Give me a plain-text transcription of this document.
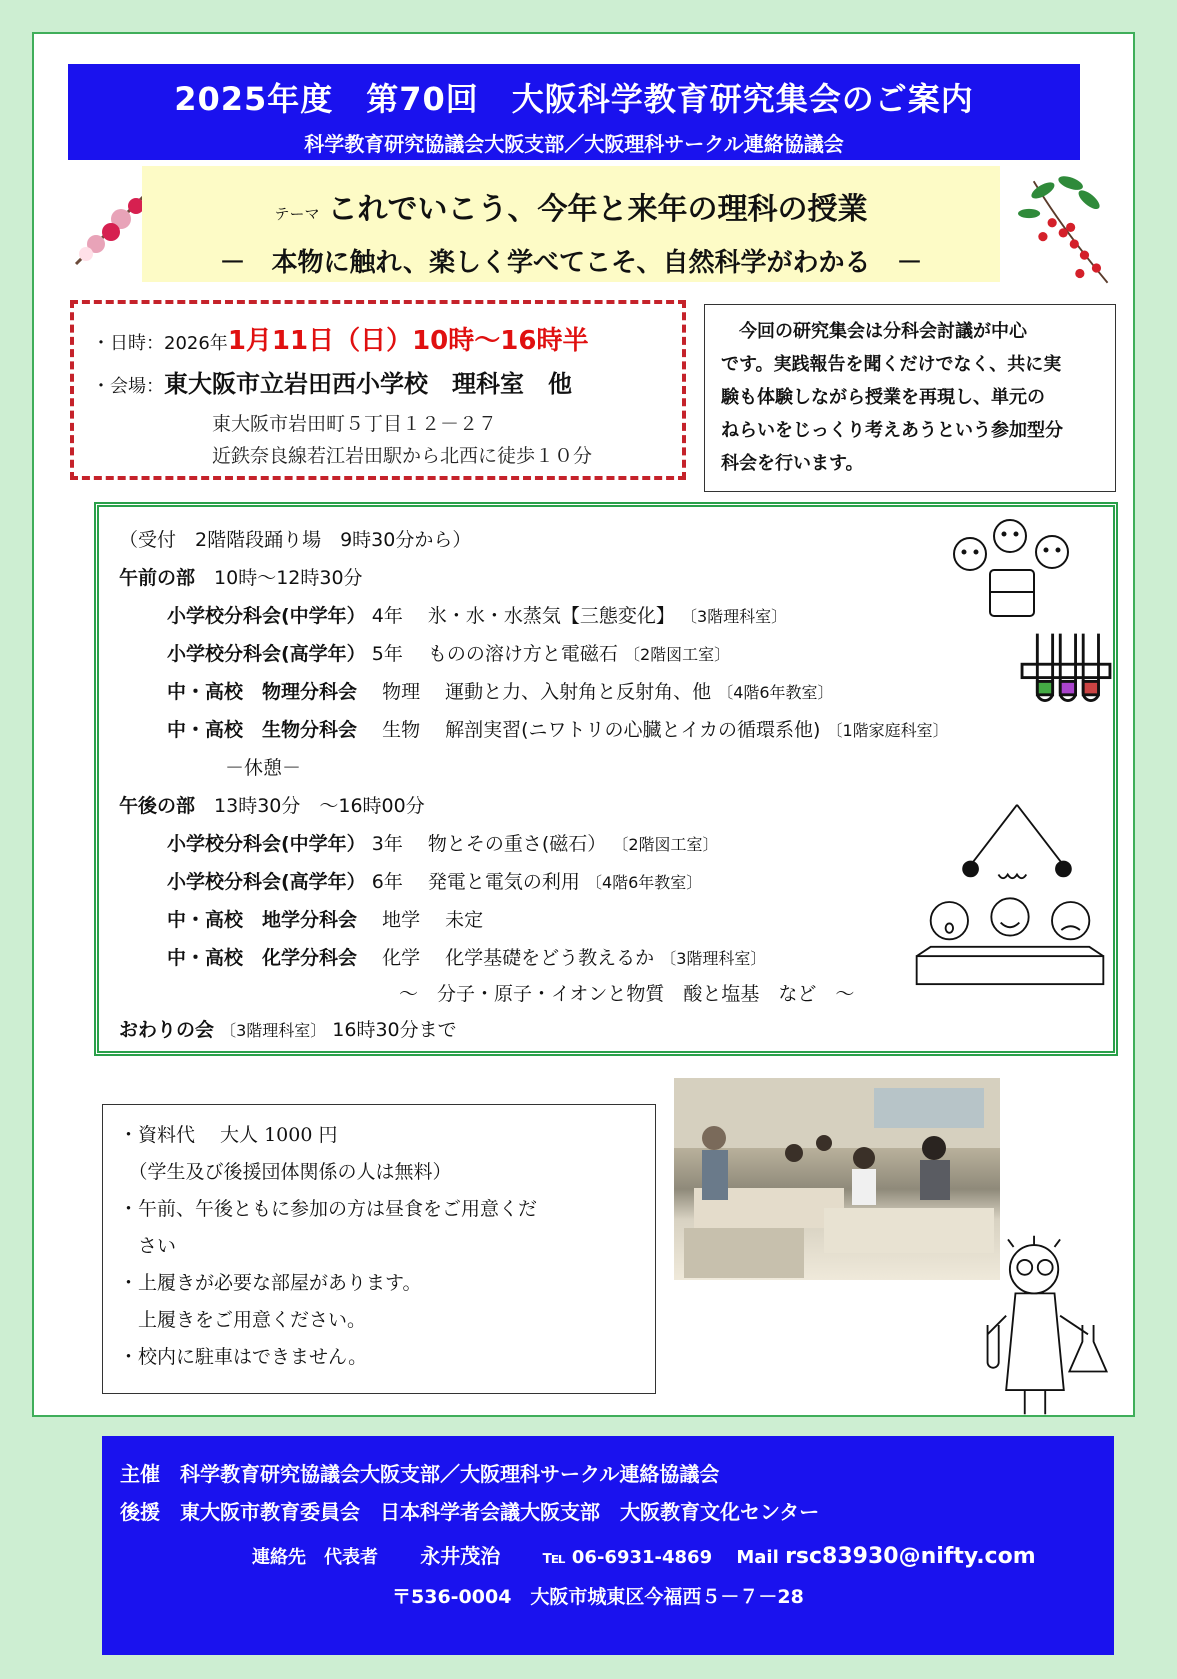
2025年度　第70回　大阪科学教育研究集会のご案内
科学教育研究協議会大阪支部／大阪理科サークル連絡協議会
テーマ これでいこう、今年と来年の理科の授業
－　本物に触れ、楽しく学べてこそ、自然科学がわかる　－
・日時：2026年1月11日（日）10時～16時半
・会場：東大阪市立岩田西小学校　理科室　他
東大阪市岩田町５丁目１２－２７
近鉄奈良線若江岩田駅から北西に徒歩１０分
　今回の研究集会は分科会討議が中心
です。実践報告を聞くだけでなく、共に実
験も体験しながら授業を再現し、単元の
ねらいをじっくり考えあうという参加型分
科会を行います。
（受付　2階階段踊り場　9時30分から）
午前の部　 10時～12時30分
小学校分科会(中学年） 4年　 氷・水・水蒸気【三態変化】 〔3階理科室〕
小学校分科会(高学年） 5年　 ものの溶け方と電磁石 〔2階図工室〕
中・高校　物理分科会　 物理　 運動と力、入射角と反射角、他 〔4階6年教室〕
中・高校　生物分科会　 生物　 解剖実習(ニワトリの心臓とイカの循環系他) 〔1階家庭科室〕
－休憩－
午後の部　 13時30分　～16時00分
小学校分科会(中学年） 3年　 物とその重さ(磁石） 〔2階図工室〕
小学校分科会(高学年） 6年　 発電と電気の利用 〔4階6年教室〕
中・高校　地学分科会　 地学　 未定
中・高校　化学分科会　 化学　 化学基礎をどう教えるか 〔3階理科室〕
～　分子・原子・イオンと物質　酸と塩基　など　～
おわりの会 〔3階理科室〕 16時30分まで
・資料代　 大人 1000 円
　（学生及び後援団体関係の人は無料）
・午前、午後ともに参加の方は昼食をご用意くだ
　さい
・上履きが必要な部屋があります。
　上履きをご用意ください。
・校内に駐車はできません。
主催　 科学教育研究協議会大阪支部／大阪理科サークル連絡協議会
後援　 東大阪市教育委員会　日本科学者会議大阪支部　大阪教育文化センター
連絡先　代表者　　 永井茂治　　 ℡ 06-6931-4869　 Mail rsc83930@nifty.com
〒536-0004　大阪市城東区今福西５－７－28
